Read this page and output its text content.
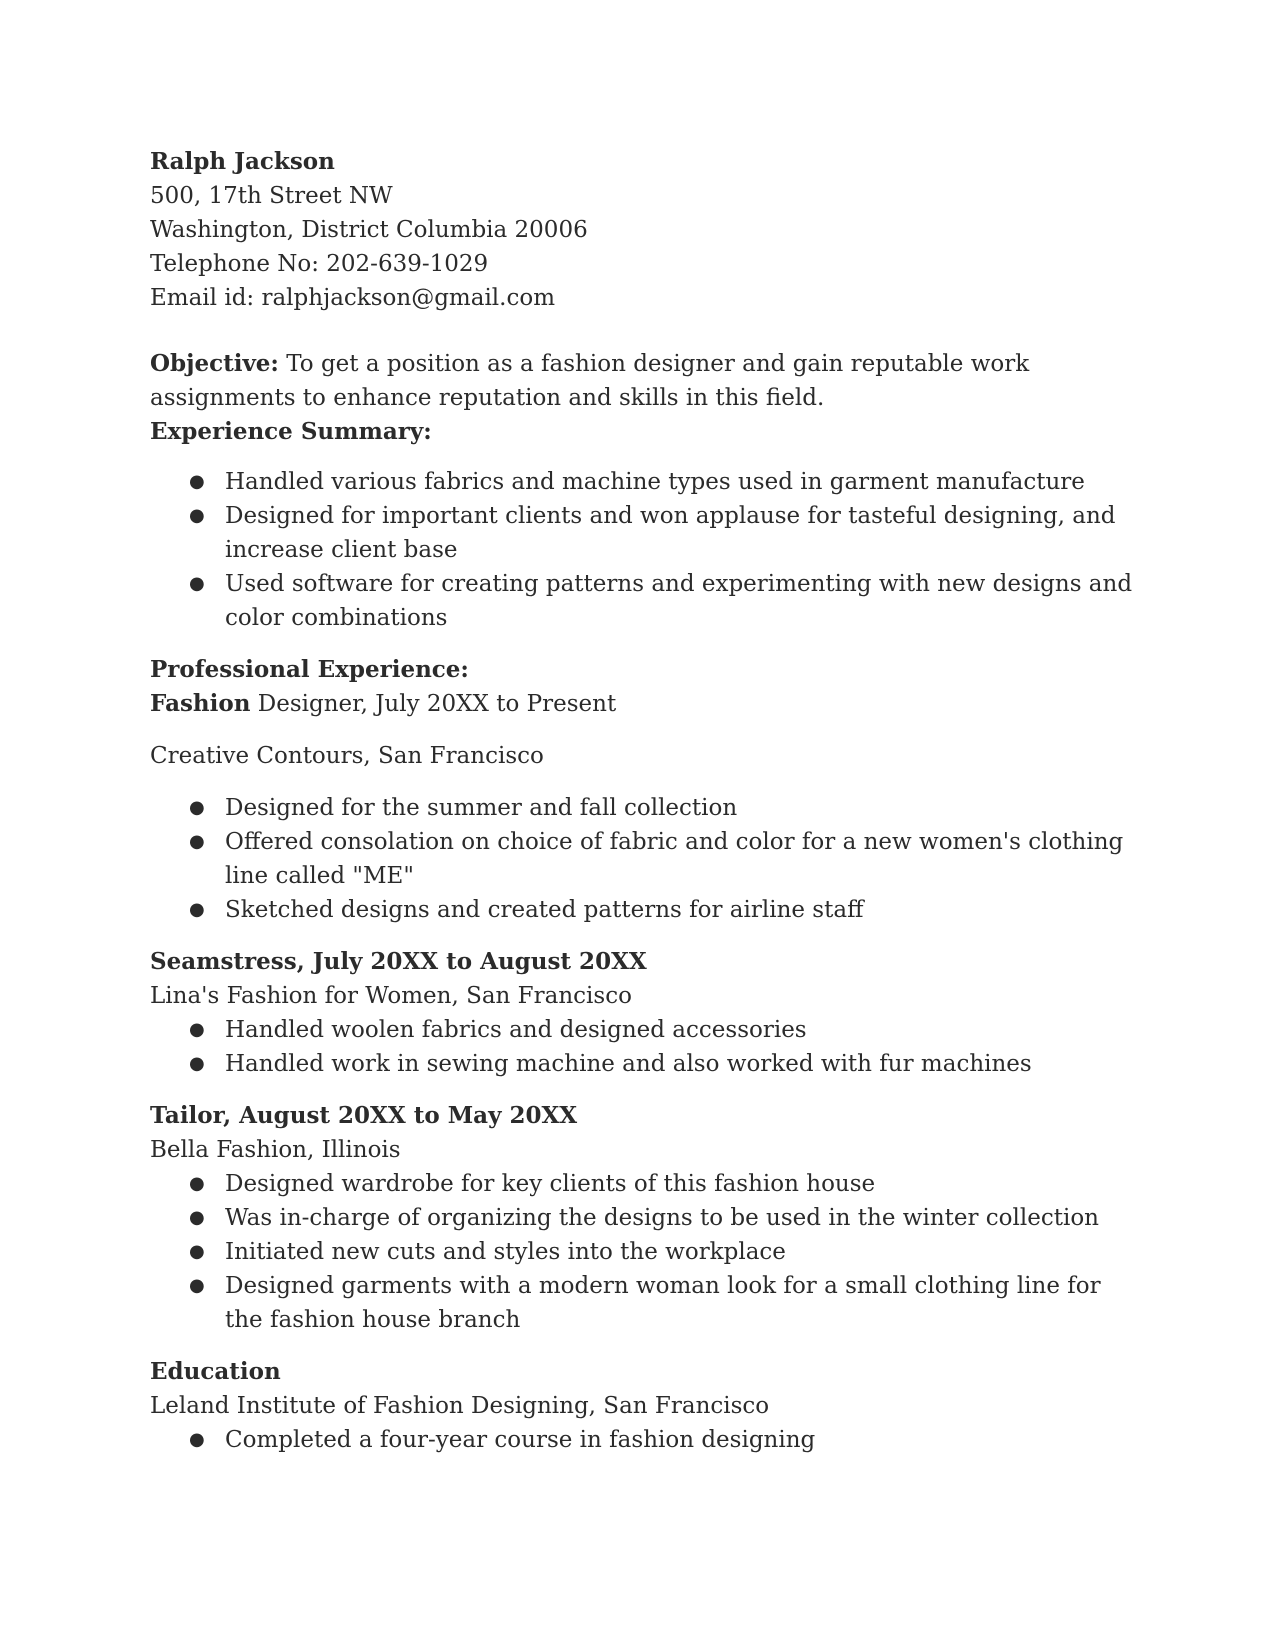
Ralph Jackson
500, 17th Street NW
Washington, District Columbia 20006
Telephone No: 202-639-1029
Email id: ralphjackson@gmail.com

Objective: To get a position as a fashion designer and gain reputable work assignments to enhance reputation and skills in this field.

Experience Summary:
● Handled various fabrics and machine types used in garment manufacture
● Designed for important clients and won applause for tasteful designing, and increase client base
● Used software for creating patterns and experimenting with new designs and color combinations
Professional Experience:

Fashion Designer, July 20XX to Present

Creative Contours, San Francisco
● Designed for the summer and fall collection
● Offered consolation on choice of fabric and color for a new women's clothing line called "ME"
● Sketched designs and created patterns for airline staff
Seamstress, July 20XX to August 20XX
Lina's Fashion for Women, San Francisco
● Handled woolen fabrics and designed accessories
● Handled work in sewing machine and also worked with fur machines
Tailor, August 20XX to May 20XX
Bella Fashion, Illinois
● Designed wardrobe for key clients of this fashion house
● Was in-charge of organizing the designs to be used in the winter collection
● Initiated new cuts and styles into the workplace
● Designed garments with a modern woman look for a small clothing line for the fashion house branch
Education
Leland Institute of Fashion Designing, San Francisco
● Completed a four-year course in fashion designing
